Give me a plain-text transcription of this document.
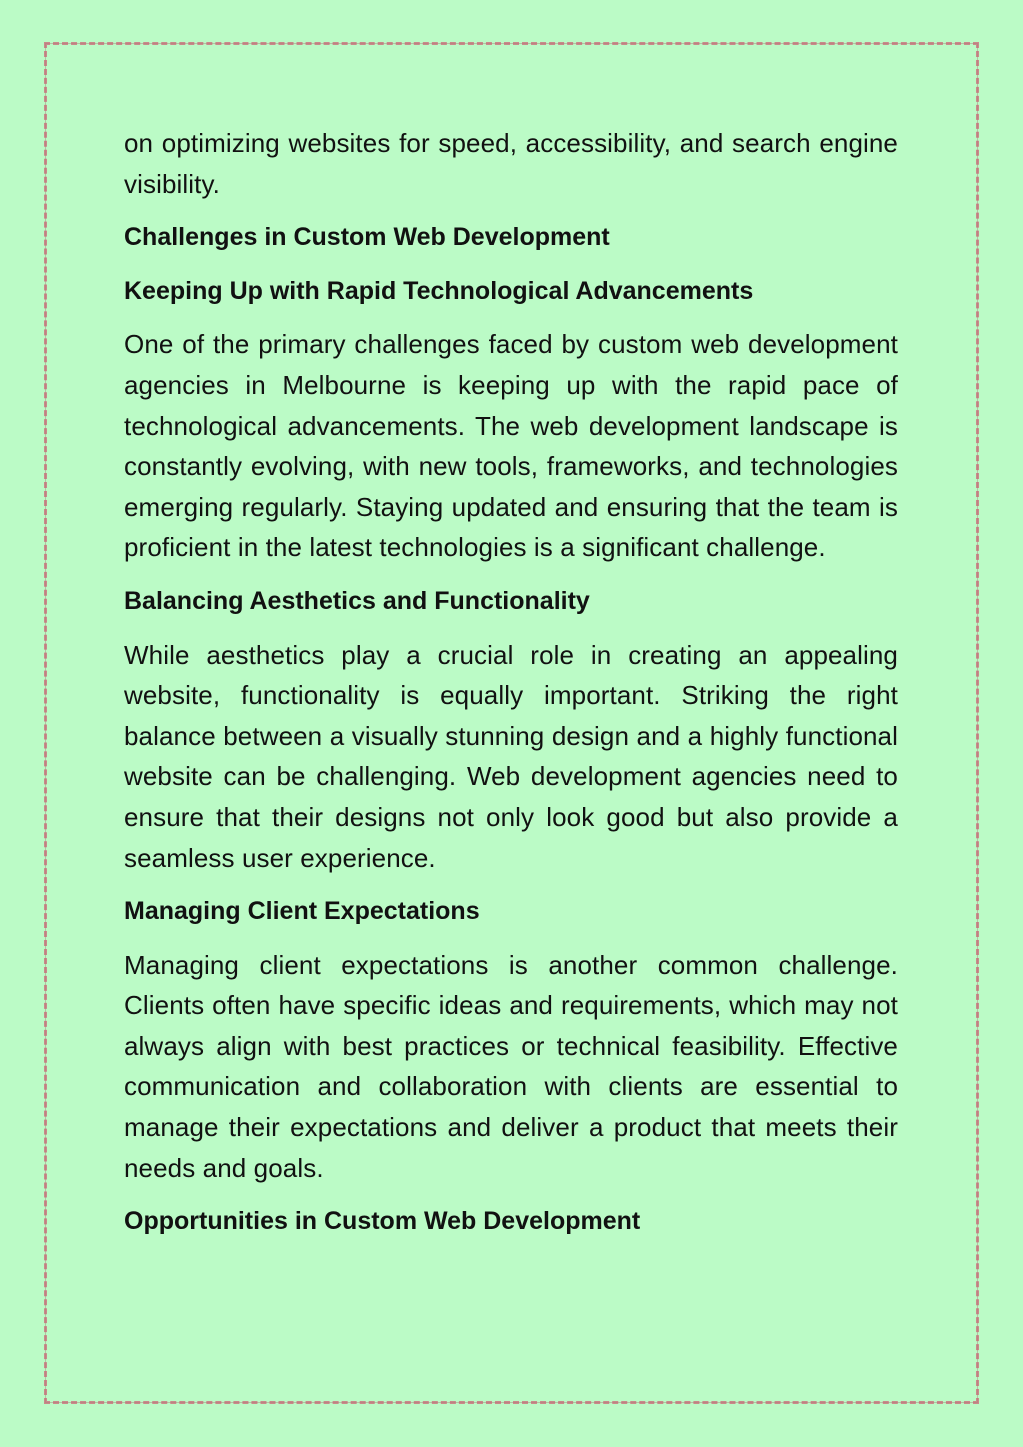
on optimizing websites for speed, accessibility, and search engine visibility.

Challenges in Custom Web Development
Keeping Up with Rapid Technological Advancements

One of the primary challenges faced by custom web development agencies in Melbourne is keeping up with the rapid pace of technological advancements. The web development landscape is constantly evolving, with new tools, frameworks, and technologies emerging regularly. Staying updated and ensuring that the team is proficient in the latest technologies is a significant challenge.

Balancing Aesthetics and Functionality

While aesthetics play a crucial role in creating an appealing website, functionality is equally important. Striking the right balance between a visually stunning design and a highly functional website can be challenging. Web development agencies need to ensure that their designs not only look good but also provide a seamless user experience.

Managing Client Expectations

Managing client expectations is another common challenge. Clients often have specific ideas and requirements, which may not always align with best practices or technical feasibility. Effective communication and collaboration with clients are essential to manage their expectations and deliver a product that meets their needs and goals.

Opportunities in Custom Web Development
